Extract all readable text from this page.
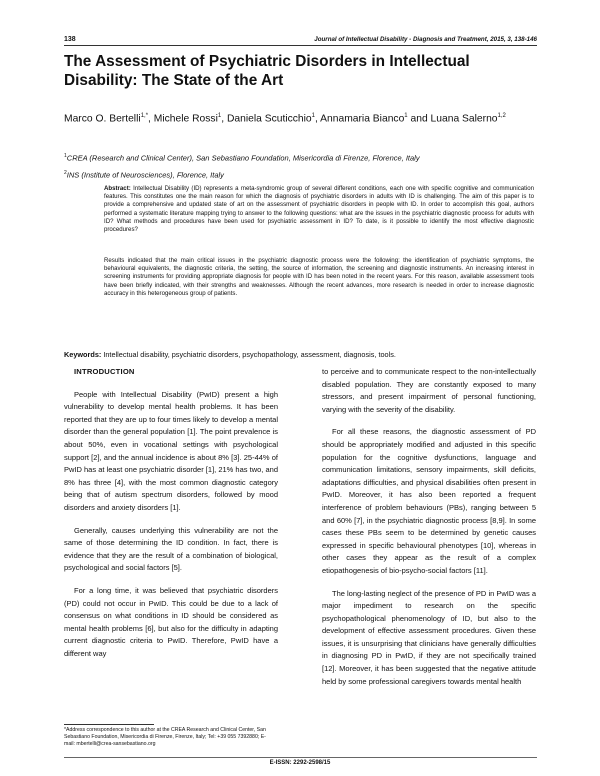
138	Journal of Intellectual Disability - Diagnosis and Treatment, 2015, 3, 138-146
The Assessment of Psychiatric Disorders in Intellectual Disability: The State of the Art

Marco O. Bertelli$^{1,*}$, Michele Rossi$^1$, Daniela Scuticchio$^1$, Annamaria Bianco$^1$ and Luana Salerno$^{1,2}$

$^1$CREA (Research and Clinical Center), San Sebastiano Foundation, Misericordia di Firenze, Florence, Italy

$^2$INS (Institute of Neurosciences), Florence, Italy

Abstract: Intellectual Disability (ID) represents a meta-syndromic group of several different conditions, each one with specific cognitive and communication features. This constitutes one the main reason for which the diagnosis of psychiatric disorders in adults with ID is challenging. The aim of this paper is to provide a comprehensive and updated state of art on the assessment of psychiatric disorders in people with ID. In order to accomplish this goal, authors performed a systematic literature mapping trying to answer to the following questions: what are the issues in the psychiatric diagnostic process for adults with ID? What methods and procedures have been used for psychiatric assessment in ID? To date, is it possible to identify the most effective diagnostic procedures?

Results indicated that the main critical issues in the psychiatric diagnostic process were the following: the identification of psychiatric symptoms, the behavioural equivalents, the diagnostic criteria, the setting, the source of information, the screening and diagnostic instruments. An increasing interest in screening instruments for providing appropriate diagnosis for people with ID has been noted in the recent years. For this reason, available assessment tools have been briefly indicated, with their strengths and weaknesses. Although the recent advances, more research is needed in order to increase diagnostic accuracy in this heterogeneous group of patients.

Keywords: Intellectual disability, psychiatric disorders, psychopathology, assessment, diagnosis, tools.

INTRODUCTION

People with Intellectual Disability (PwID) present a high vulnerability to develop mental health problems. It has been reported that they are up to four times likely to develop a mental disorder than the general population [1]. The point prevalence is about 50%, even in vocational settings with psychological support [2], and the annual incidence is about 8% [3]. 25-44% of PwID has at least one psychiatric disorder [1], 21% has two, and 8% has three [4], with the most common diagnostic category being that of autism spectrum disorders, followed by mood disorders and anxiety disorders [1].

Generally, causes underlying this vulnerability are not the same of those determining the ID condition. In fact, there is evidence that they are the result of a combination of biological, psychological and social factors [5].

For a long time, it was believed that psychiatric disorders (PD) could not occur in PwID. This could be due to a lack of consensus on what conditions in ID should be considered as mental health problems [6], but also for the difficulty in adapting current diagnostic criteria to PwID. Therefore, PwID have a different way

to perceive and to communicate respect to the non-intellectually disabled population. They are constantly exposed to many stressors, and present impairment of personal functioning, varying with the severity of the disability.

For all these reasons, the diagnostic assessment of PD should be appropriately modified and adjusted in this specific population for the cognitive dysfunctions, language and communication limitations, sensory impairments, skill deficits, adaptations difficulties, and physical disabilities often present in PwID. Moreover, it has also been reported a frequent interference of problem behaviours (PBs), ranging between 5 and 60% [7], in the psychiatric diagnostic process [8,9]. In some cases these PBs seem to be determined by genetic causes expressed in specific behavioural phenotypes [10], whereas in other cases they appear as the result of a complex etiopathogenesis of bio-psycho-social factors [11].

The long-lasting neglect of the presence of PD in PwID was a major impediment to research on the specific psychopathological phenomenology of ID, but also to the development of effective assessment procedures. Given these issues, it is unsurprising that clinicians have generally difficulties in diagnosing PD in PwID, if they are not specifically trained [12]. Moreover, it has been suggested that the negative attitude held by some professional caregivers towards mental health

*Address correspondence to this author at the CREA Research and Clinical Center, San Sebastiano Foundation, Misericordia di Firenze, Firenze, Italy; Tel: +39 055 7392880; E-mail: mbertelli@crea-sansebastiano.org

E-ISSN: 2292-2598/15
